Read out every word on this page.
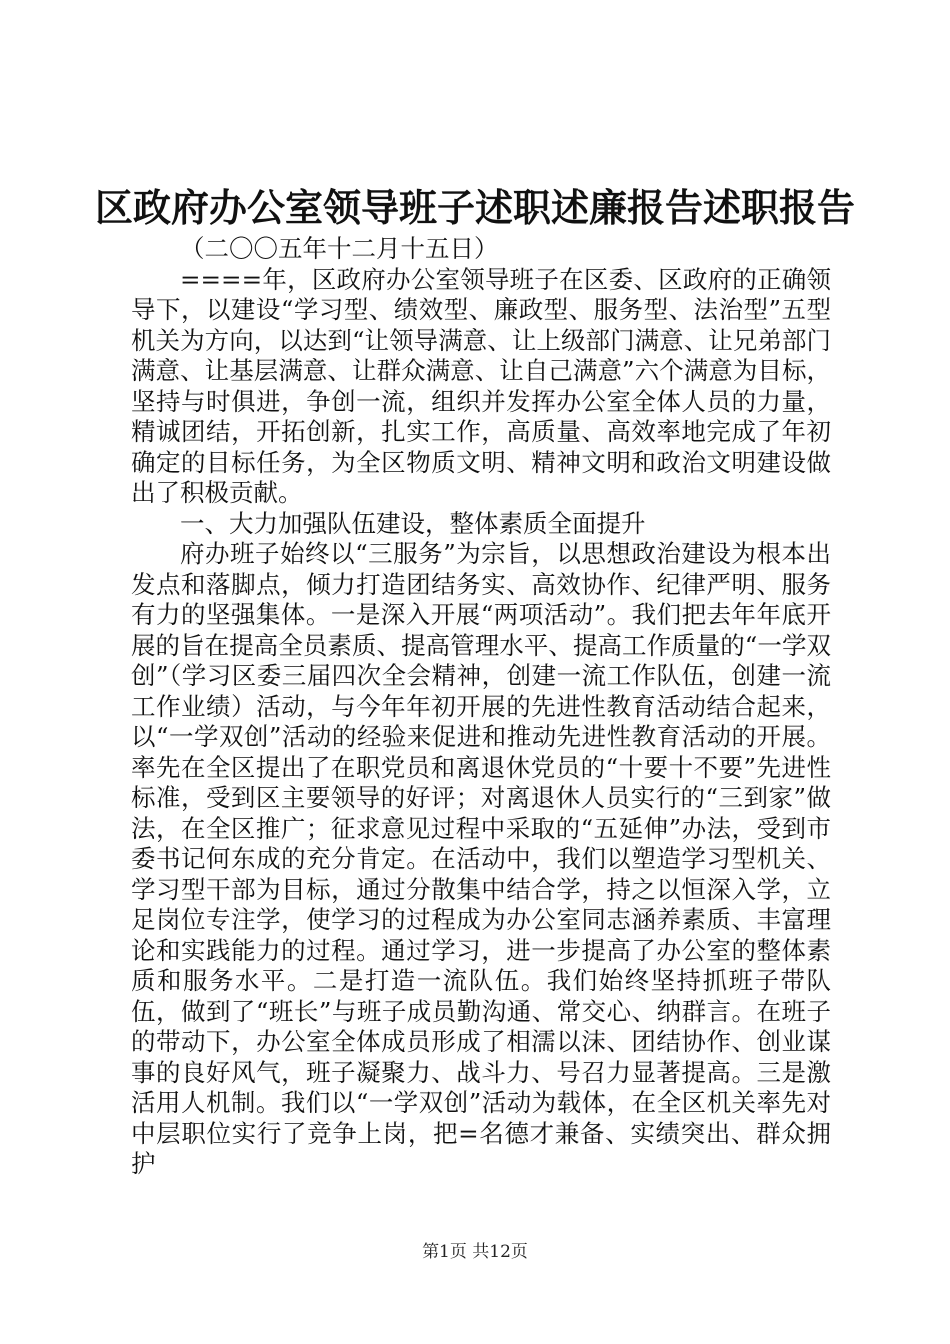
区政府办公室领导班子述职述廉报告述职报告

（二〇〇五年十二月十五日）

====年，区政府办公室领导班子在区委、区政府的正确领导下，以建设“学习型、绩效型、廉政型、服务型、法治型”五型机关为方向，以达到“让领导满意、让上级部门满意、让兄弟部门满意、让基层满意、让群众满意、让自己满意”六个满意为目标，坚持与时俱进，争创一流，组织并发挥办公室全体人员的力量，精诚团结，开拓创新，扎实工作，高质量、高效率地完成了年初确定的目标任务，为全区物质文明、精神文明和政治文明建设做出了积极贡献。

一、大力加强队伍建设，整体素质全面提升

府办班子始终以“三服务”为宗旨，以思想政治建设为根本出发点和落脚点，倾力打造团结务实、高效协作、纪律严明、服务有力的坚强集体。一是深入开展“两项活动”。我们把去年年底开展的旨在提高全员素质、提高管理水平、提高工作质量的“一学双创”（学习区委三届四次全会精神，创建一流工作队伍，创建一流工作业绩）活动，与今年年初开展的先进性教育活动结合起来，以“一学双创”活动的经验来促进和推动先进性教育活动的开展。率先在全区提出了在职党员和离退休党员的“十要十不要”先进性标准，受到区主要领导的好评；对离退休人员实行的“三到家”做法，在全区推广；征求意见过程中采取的“五延伸”办法，受到市委书记何东成的充分肯定。在活动中，我们以塑造学习型机关、学习型干部为目标，通过分散集中结合学，持之以恒深入学，立足岗位专注学，使学习的过程成为办公室同志涵养素质、丰富理论和实践能力的过程。通过学习，进一步提高了办公室的整体素质和服务水平。二是打造一流队伍。我们始终坚持抓班子带队伍，做到了“班长”与班子成员勤沟通、常交心、纳群言。在班子的带动下，办公室全体成员形成了相濡以沫、团结协作、创业谋事的良好风气，班子凝聚力、战斗力、号召力显著提高。三是激活用人机制。我们以“一学双创”活动为载体，在全区机关率先对中层职位实行了竞争上岗，把=名德才兼备、实绩突出、群众拥护

第1页 共12页
